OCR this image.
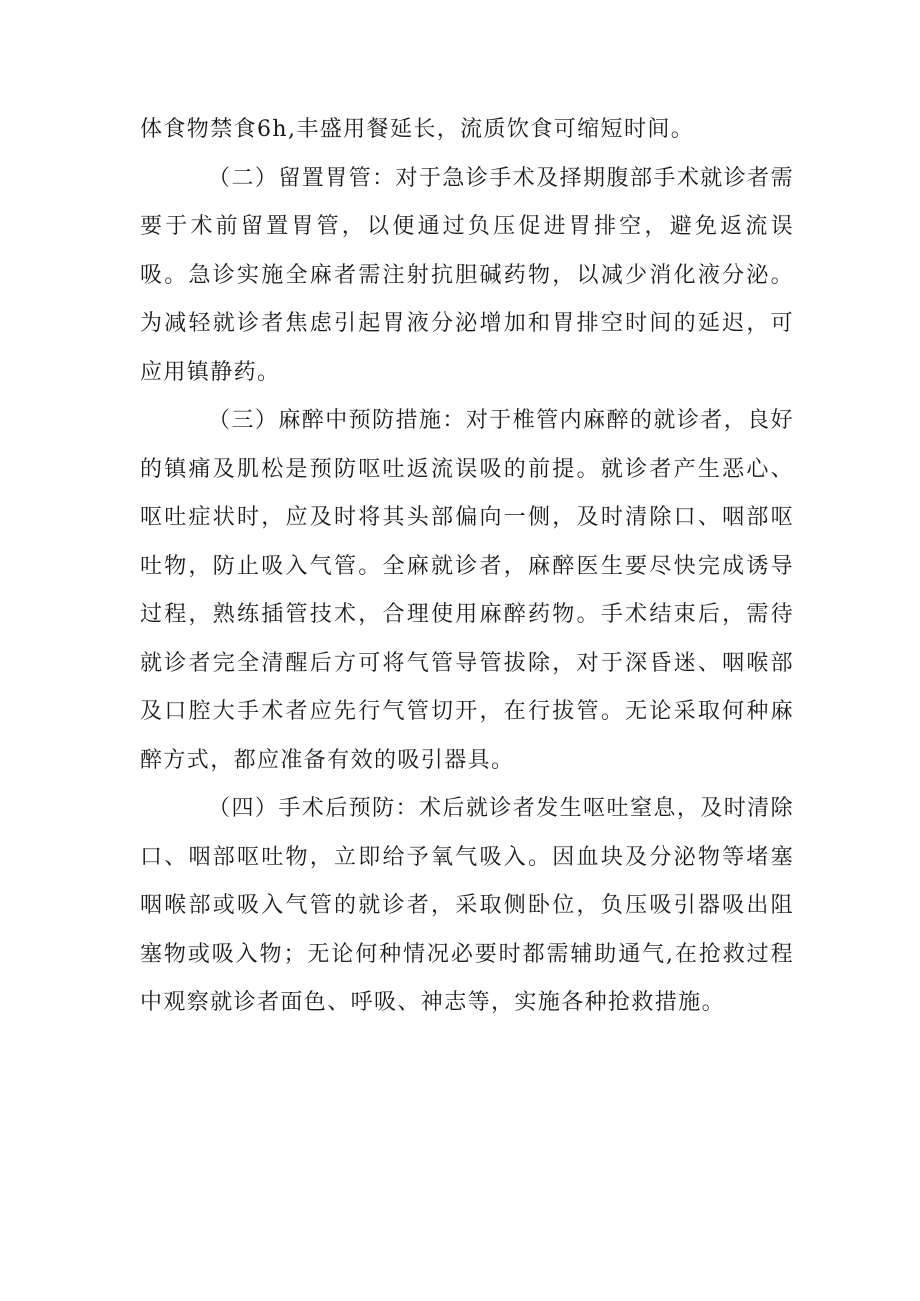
体食物禁食6h,丰盛用餐延长，流质饮食可缩短时间。

（二）留置胃管：对于急诊手术及择期腹部手术就诊者需要于术前留置胃管，以便通过负压促进胃排空，避免返流误吸。急诊实施全麻者需注射抗胆碱药物，以减少消化液分泌。为减轻就诊者焦虑引起胃液分泌增加和胃排空时间的延迟，可应用镇静药。

（三）麻醉中预防措施：对于椎管内麻醉的就诊者，良好的镇痛及肌松是预防呕吐返流误吸的前提。就诊者产生恶心、呕吐症状时，应及时将其头部偏向一侧，及时清除口、咽部呕吐物，防止吸入气管。全麻就诊者，麻醉医生要尽快完成诱导过程，熟练插管技术，合理使用麻醉药物。手术结束后，需待就诊者完全清醒后方可将气管导管拔除，对于深昏迷、咽喉部及口腔大手术者应先行气管切开，在行拔管。无论采取何种麻醉方式，都应准备有效的吸引器具。

（四）手术后预防：术后就诊者发生呕吐窒息，及时清除口、咽部呕吐物，立即给予氧气吸入。因血块及分泌物等堵塞咽喉部或吸入气管的就诊者，采取侧卧位，负压吸引器吸出阻塞物或吸入物；无论何种情况必要时都需辅助通气,在抢救过程中观察就诊者面色、呼吸、神志等，实施各种抢救措施。
